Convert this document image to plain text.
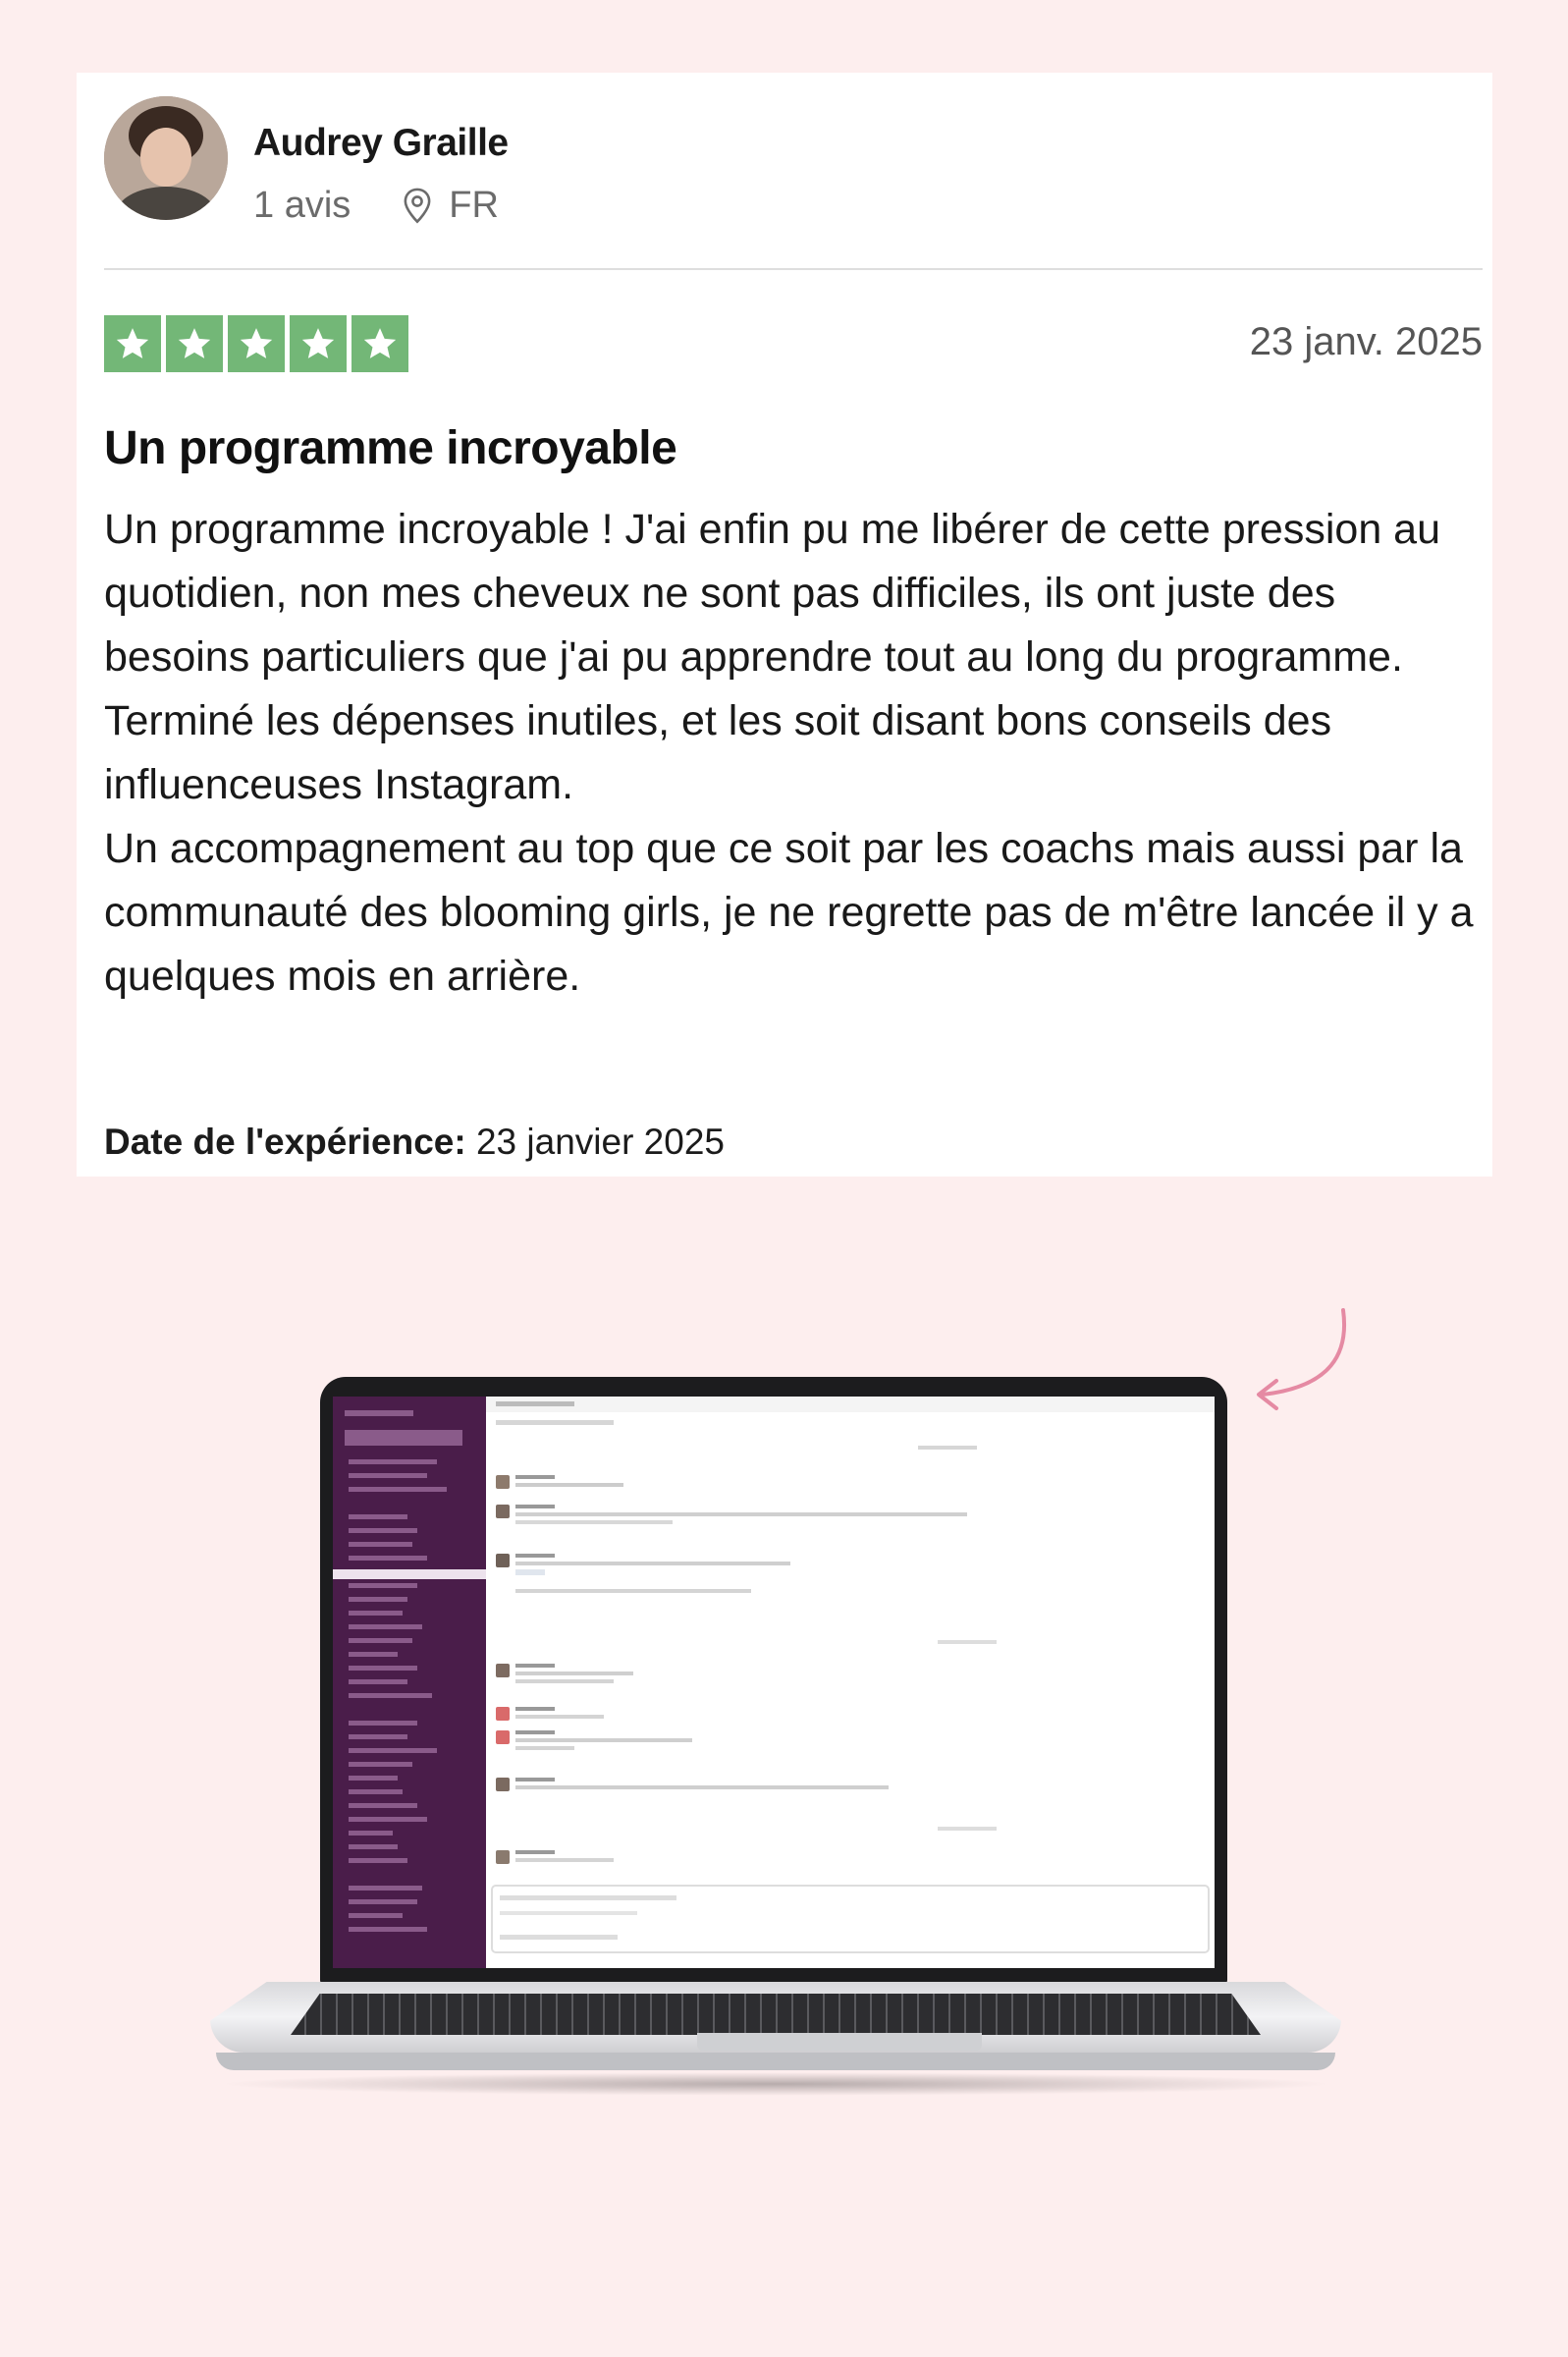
Audrey Graille
1 avis	FR
23 janv. 2025
Un programme incroyable

Un programme incroyable ! J'ai enfin pu me libérer de cette pression au quotidien, non mes cheveux ne sont pas difficiles, ils ont juste des besoins particuliers que j'ai pu apprendre tout au long du programme.

Terminé les dépenses inutiles, et les soit disant bons conseils des influenceuses Instagram.

Un accompagnement au top que ce soit par les coachs mais aussi par la communauté des blooming girls, je ne regrette pas de m'être lancée il y a quelques mois en arrière.

Date de l'expérience: 23 janvier 2025
